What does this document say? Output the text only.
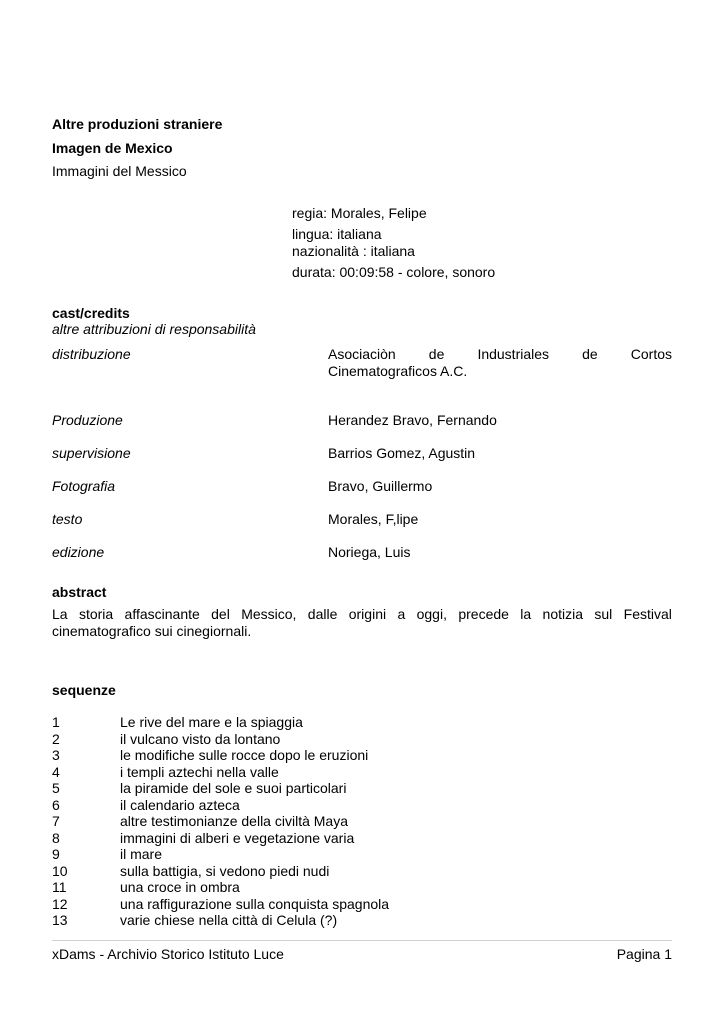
Altre produzioni straniere
Imagen de Mexico
Immagini del Messico
regia: Morales, Felipe
lingua: italiana
nazionalità : italiana
durata: 00:09:58 - colore, sonoro
cast/credits
altre attribuzioni di responsabilità
distribuzione	Asociaciòn de Industriales de Cortos
Cinematograficos A.C.
Produzione	Herandez Bravo, Fernando
supervisione	Barrios Gomez, Agustin
Fotografia	Bravo, Guillermo
testo	Morales, F,lipe
edizione	Noriega, Luis
abstract
La storia affascinante del Messico, dalle origini a oggi, precede la notizia sul Festival
cinematografico sui cinegiornali.
sequenze
1	Le rive del mare e la spiaggia
2	il vulcano visto da lontano
3	le modifiche sulle rocce dopo le eruzioni
4	i templi aztechi nella valle
5	la piramide del sole e suoi particolari
6	il calendario azteca
7	altre testimonianze della civiltà Maya
8	immagini di alberi e vegetazione varia
9	il mare
10	sulla battigia, si vedono piedi nudi
11	una croce in ombra
12	una raffigurazione sulla conquista spagnola
13	varie chiese nella città di Celula (?)
xDams - Archivio Storico Istituto Luce	Pagina 1
